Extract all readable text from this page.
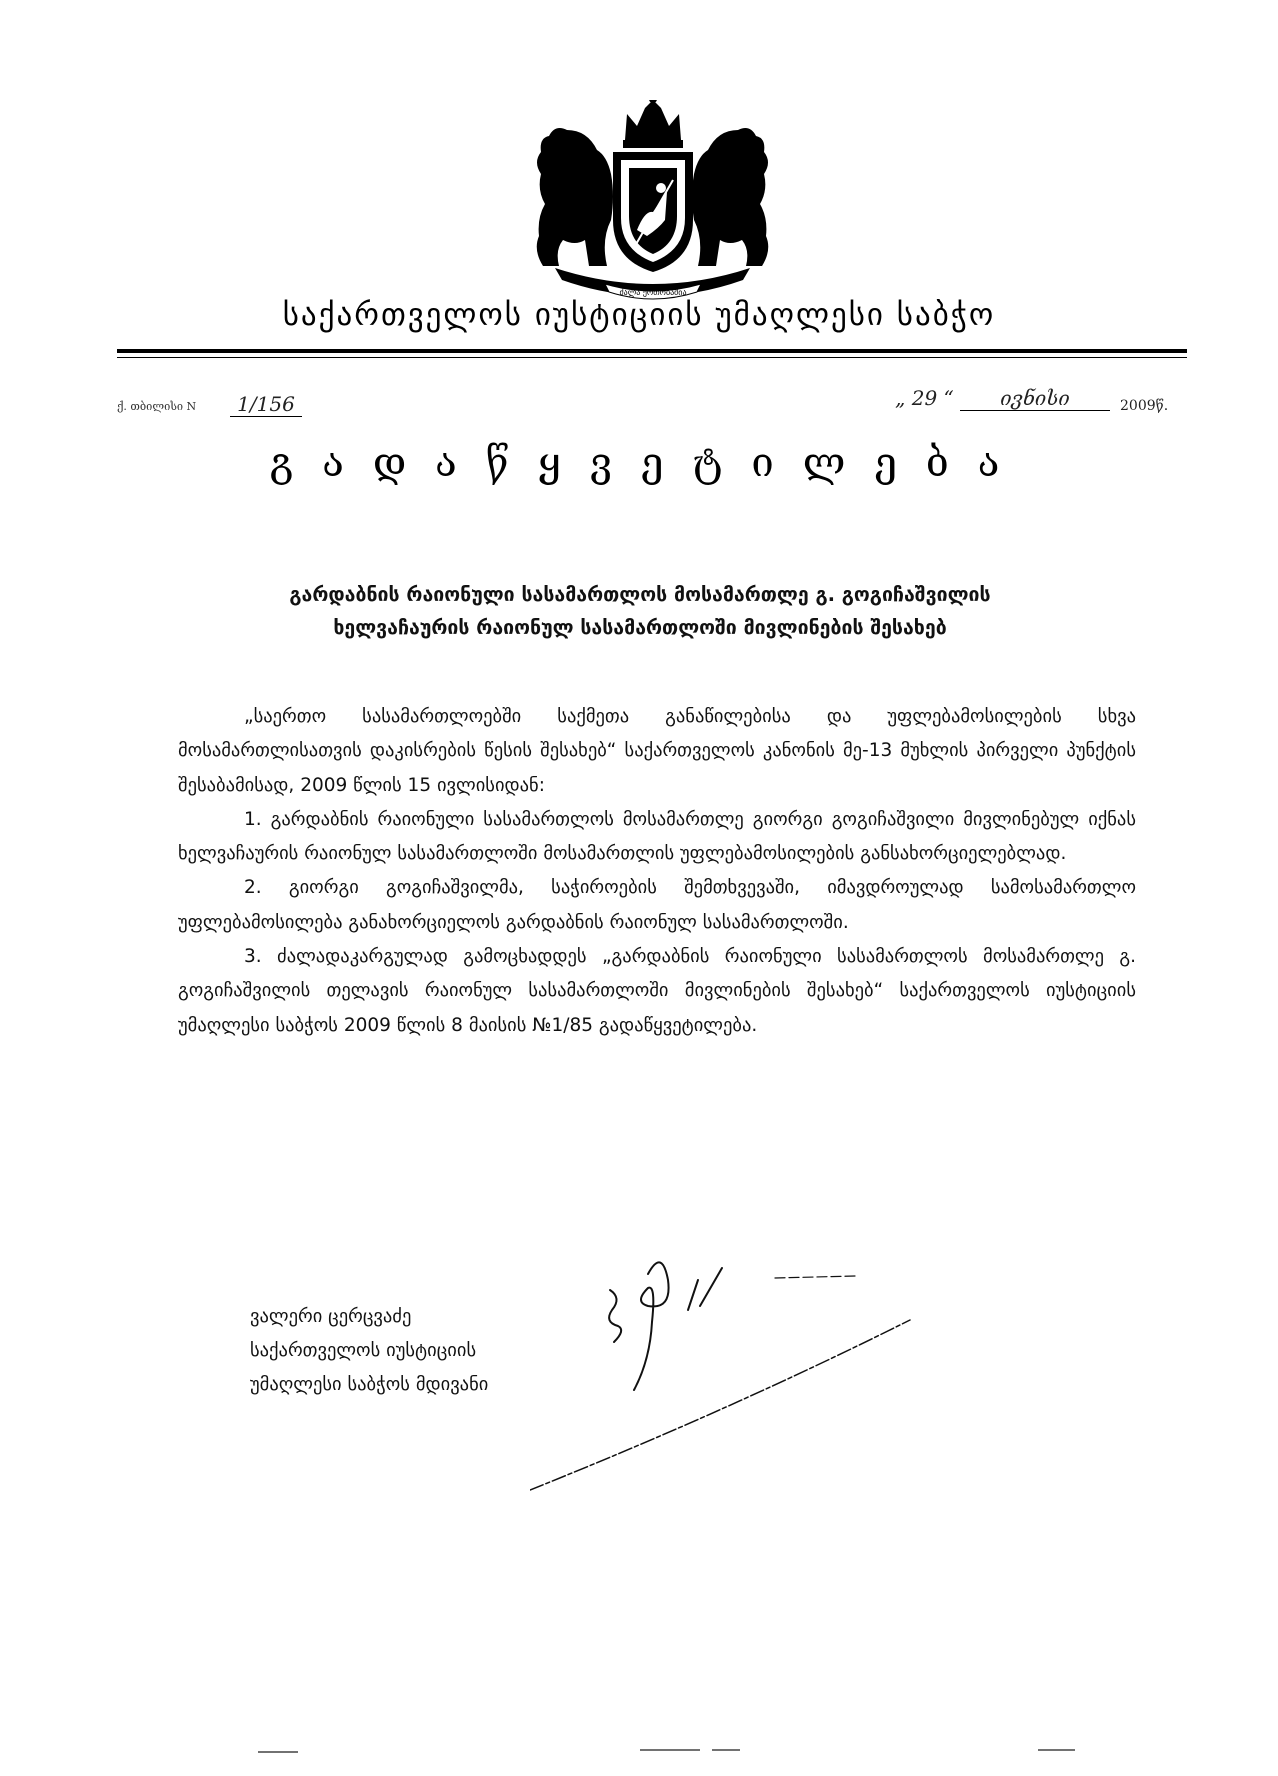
ძალა ერთობაშია
საქართველოს იუსტიციის უმაღლესი საბჭო
ქ. თბილისი N	1/156	„ 29 “	ივნისი	2009წ.
გადაწყვეტილება
გარდაბნის რაიონული სასამართლოს მოსამართლე გ. გოგიჩაშვილის
ხელვაჩაურის რაიონულ სასამართლოში მივლინების შესახებ

„საერთო სასამართლოებში საქმეთა განაწილებისა და უფლებამოსილების სხვა მოსამართლისათვის დაკისრების წესის შესახებ“ საქართველოს კანონის მე-13 მუხლის პირველი პუნქტის შესაბამისად, 2009 წლის 15 ივლისიდან:

1. გარდაბნის რაიონული სასამართლოს მოსამართლე გიორგი გოგიჩაშვილი მივლინებულ იქნას ხელვაჩაურის რაიონულ სასამართლოში მოსამართლის უფლებამოსილების განსახორციელებლად.

2. გიორგი გოგიჩაშვილმა, საჭიროების შემთხვევაში, იმავდროულად სამოსამართლო უფლებამოსილება განახორციელოს გარდაბნის რაიონულ სასამართლოში.

3. ძალადაკარგულად გამოცხადდეს „გარდაბნის რაიონული სასამართლოს მოსამართლე გ. გოგიჩაშვილის თელავის რაიონულ სასამართლოში მივლინების შესახებ“ საქართველოს იუსტიციის უმაღლესი საბჭოს 2009 წლის 8 მაისის №1/85 გადაწყვეტილება.

ვალერი ცერცვაძე
საქართველოს იუსტიციის
უმაღლესი საბჭოს მდივანი
